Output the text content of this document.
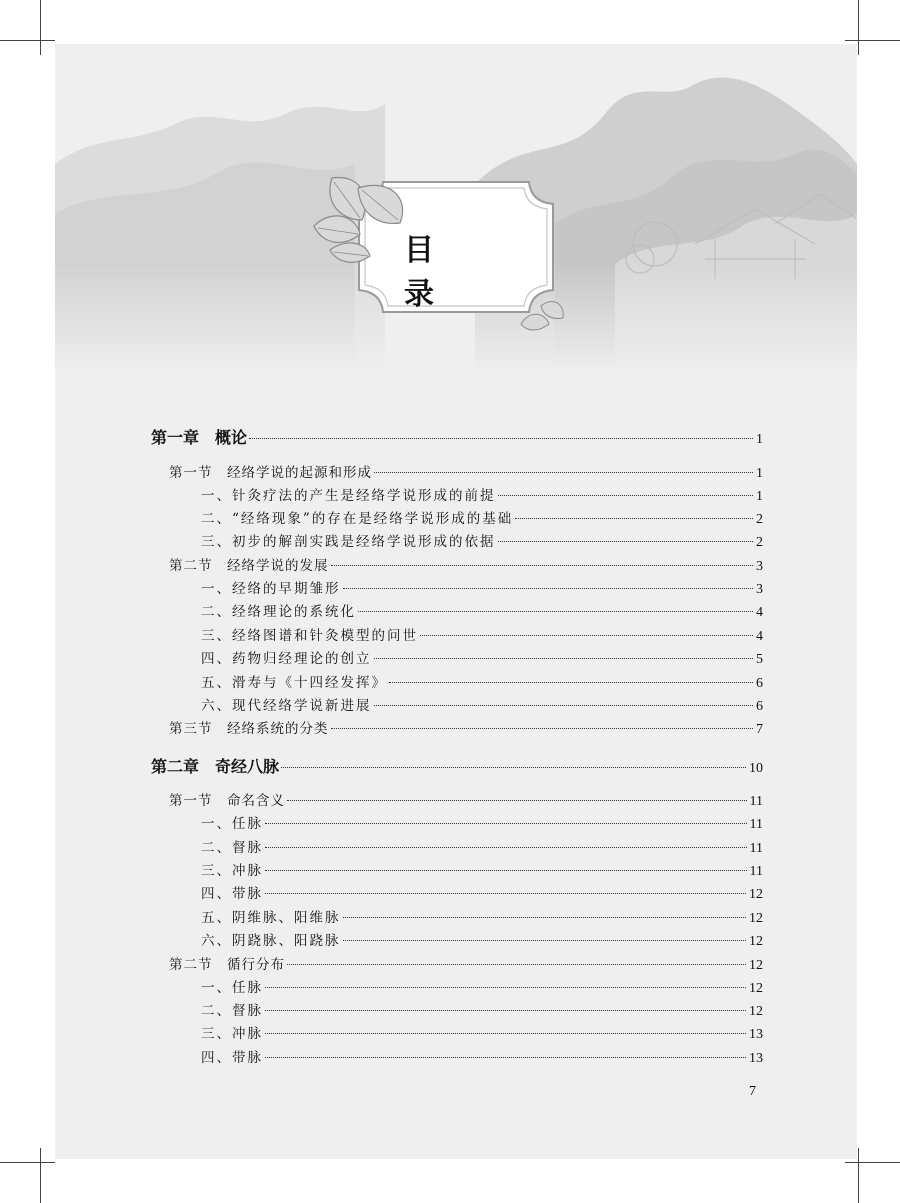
目 录
第一章　概论	1
第一节　经络学说的起源和形成	1
一、针灸疗法的产生是经络学说形成的前提	1
二、“经络现象”的存在是经络学说形成的基础	2
三、初步的解剖实践是经络学说形成的依据	2
第二节　经络学说的发展	3
一、经络的早期雏形	3
二、经络理论的系统化	4
三、经络图谱和针灸模型的问世	4
四、药物归经理论的创立	5
五、滑寿与《十四经发挥》	6
六、现代经络学说新进展	6
第三节　经络系统的分类	7
第二章　奇经八脉	10
第一节　命名含义	11
一、任脉	11
二、督脉	11
三、冲脉	11
四、带脉	12
五、阴维脉、阳维脉	12
六、阴跷脉、阳跷脉	12
第二节　循行分布	12
一、任脉	12
二、督脉	12
三、冲脉	13
四、带脉	13
7
